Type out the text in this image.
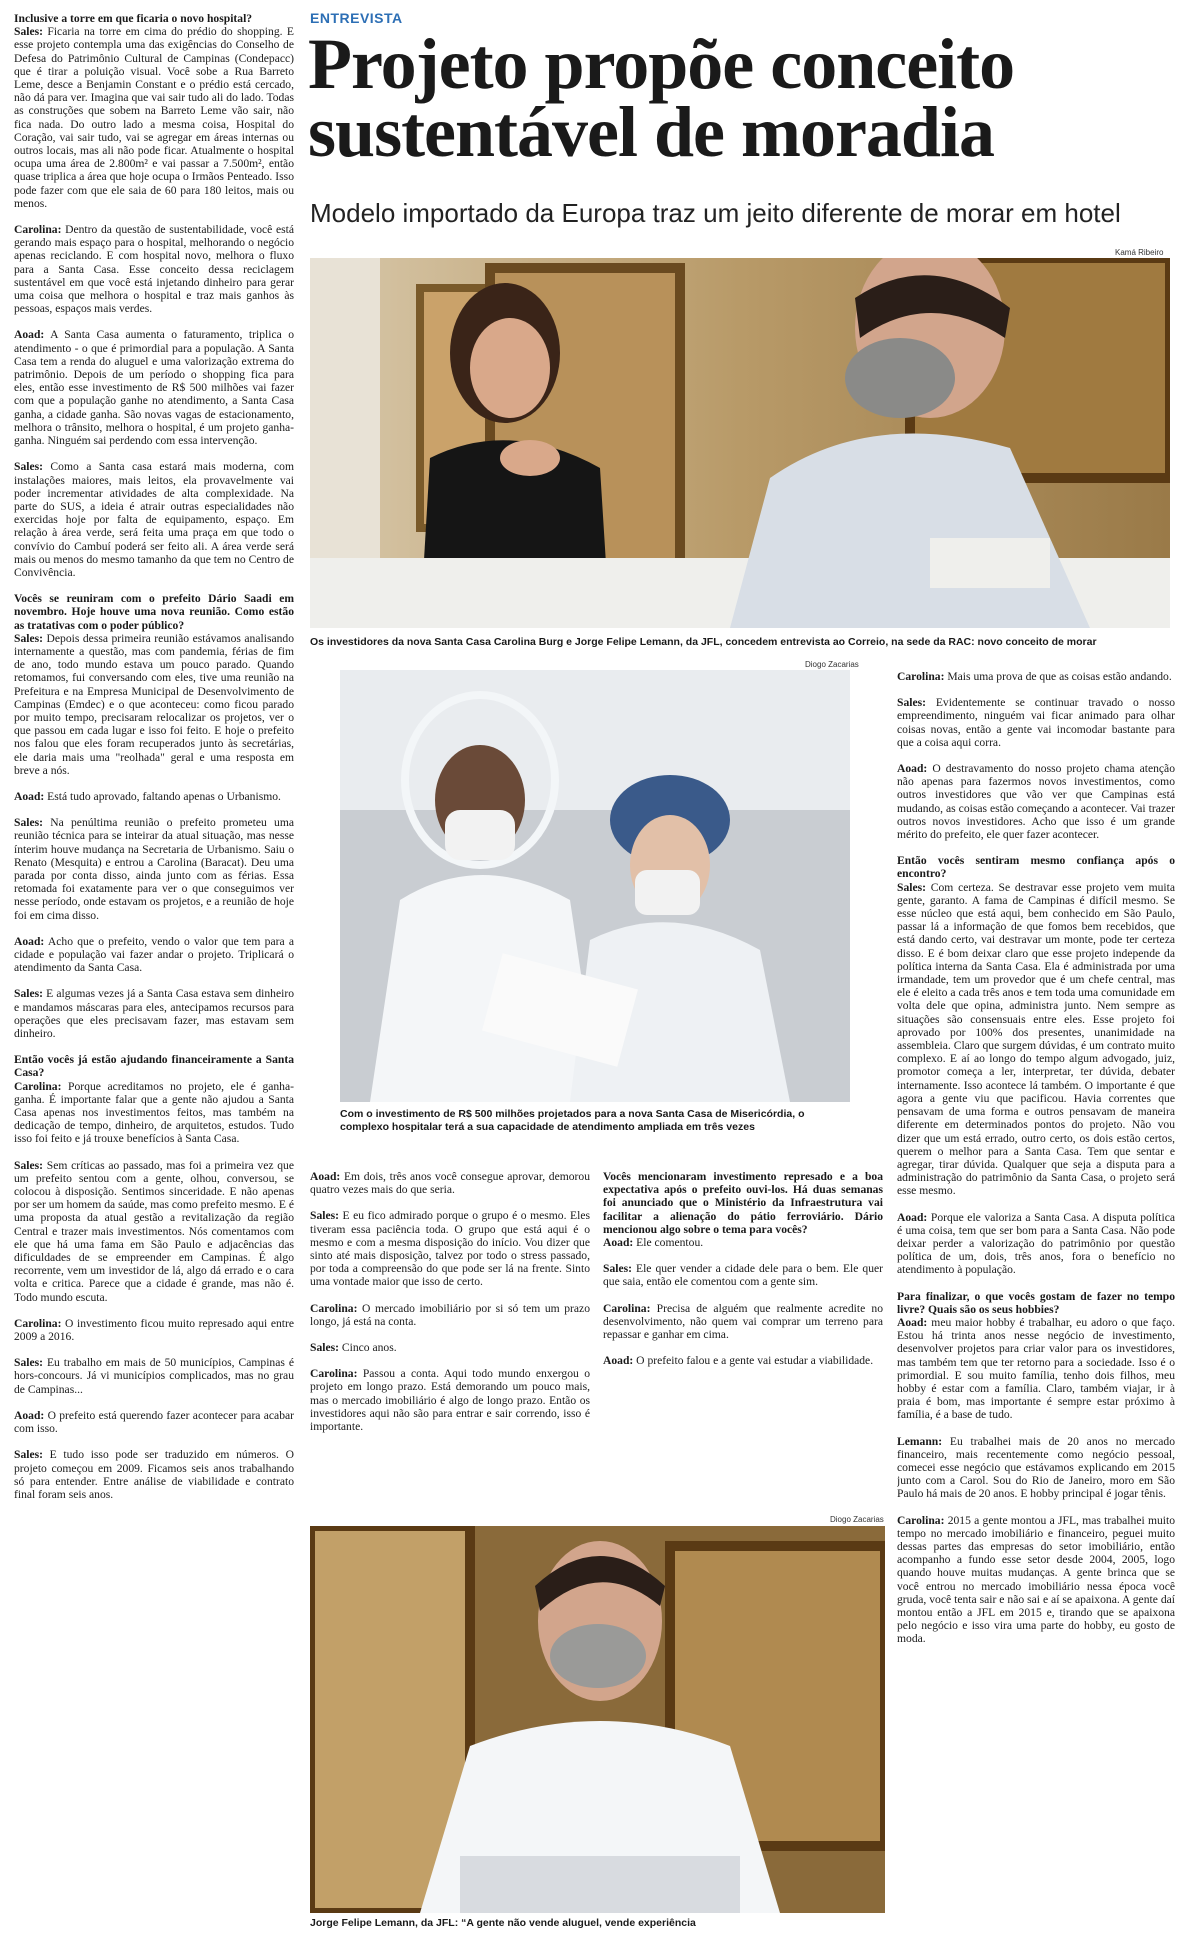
ENTREVISTA
Projeto propõe conceito sustentável de moradia
Modelo importado da Europa traz um jeito diferente de morar em hotel
Kamá Ribeiro
Os investidores da nova Santa Casa Carolina Burg e Jorge Felipe Lemann, da JFL, concedem entrevista ao Correio, na sede da RAC: novo conceito de morar
Diogo Zacarias
Com o investimento de R$ 500 milhões projetados para a nova Santa Casa de Misericórdia, o complexo hospitalar terá a sua capacidade de atendimento ampliada em três vezes
Diogo Zacarias
Jorge Felipe Lemann, da JFL: “A gente não vende aluguel, vende experiência

Inclusive a torre em que ficaria o novo hospital?

Sales: Ficaria na torre em cima do prédio do shopping. E esse projeto contempla uma das exigências do Conselho de Defesa do Patrimônio Cultural de Campinas (Condepacc) que é tirar a poluição visual. Você sobe a Rua Barreto Leme, desce a Benjamin Constant e o prédio está cercado, não dá para ver. Imagina que vai sair tudo ali do lado. Todas as construções que sobem na Barreto Leme vão sair, não fica nada. Do outro lado a mesma coisa, Hospital do Coração, vai sair tudo, vai se agregar em áreas internas ou outros locais, mas ali não pode ficar. Atualmente o hospital ocupa uma área de 2.800m² e vai passar a 7.500m², então quase triplica a área que hoje ocupa o Irmãos Penteado. Isso pode fazer com que ele saia de 60 para 180 leitos, mais ou menos.

Carolina: Dentro da questão de sustentabilidade, você está gerando mais espaço para o hospital, melhorando o negócio apenas reciclando. E com hospital novo, melhora o fluxo para a Santa Casa. Esse conceito dessa reciclagem sustentável em que você está injetando dinheiro para gerar uma coisa que melhora o hospital e traz mais ganhos às pessoas, espaços mais verdes.

Aoad: A Santa Casa aumenta o faturamento, triplica o atendimento - o que é primordial para a população. A Santa Casa tem a renda do aluguel e uma valorização extrema do patrimônio. Depois de um período o shopping fica para eles, então esse investimento de R$ 500 milhões vai fazer com que a população ganhe no atendimento, a Santa Casa ganha, a cidade ganha. São novas vagas de estacionamento, melhora o trânsito, melhora o hospital, é um projeto ganha-ganha. Ninguém sai perdendo com essa intervenção.

Sales: Como a Santa casa estará mais moderna, com instalações maiores, mais leitos, ela provavelmente vai poder incrementar atividades de alta complexidade. Na parte do SUS, a ideia é atrair outras especialidades não exercidas hoje por falta de equipamento, espaço. Em relação à área verde, será feita uma praça em que todo o convívio do Cambuí poderá ser feito ali. A área verde será mais ou menos do mesmo tamanho da que tem no Centro de Convivência.

Vocês se reuniram com o prefeito Dário Saadi em novembro. Hoje houve uma nova reunião. Como estão as tratativas com o poder público?

Sales: Depois dessa primeira reunião estávamos analisando internamente a questão, mas com pandemia, férias de fim de ano, todo mundo estava um pouco parado. Quando retomamos, fui conversando com eles, tive uma reunião na Prefeitura e na Empresa Municipal de Desenvolvimento de Campinas (Emdec) e o que aconteceu: como ficou parado por muito tempo, precisaram relocalizar os projetos, ver o que passou em cada lugar e isso foi feito. E hoje o prefeito nos falou que eles foram recuperados junto às secretárias, ele daria mais uma "reolhada" geral e uma resposta em breve a nós.

Aoad: Está tudo aprovado, faltando apenas o Urbanismo.

Sales: Na penúltima reunião o prefeito prometeu uma reunião técnica para se inteirar da atual situação, mas nesse ínterim houve mudança na Secretaria de Urbanismo. Saiu o Renato (Mesquita) e entrou a Carolina (Baracat). Deu uma parada por conta disso, ainda junto com as férias. Essa retomada foi exatamente para ver o que conseguimos ver nesse período, onde estavam os projetos, e a reunião de hoje foi em cima disso.

Aoad: Acho que o prefeito, vendo o valor que tem para a cidade e população vai fazer andar o projeto. Triplicará o atendimento da Santa Casa.

Sales: E algumas vezes já a Santa Casa estava sem dinheiro e mandamos máscaras para eles, antecipamos recursos para operações que eles precisavam fazer, mas estavam sem dinheiro.

Então vocês já estão ajudando financeiramente a Santa Casa?

Carolina: Porque acreditamos no projeto, ele é ganha-ganha. É importante falar que a gente não ajudou a Santa Casa apenas nos investimentos feitos, mas também na dedicação de tempo, dinheiro, de arquitetos, estudos. Tudo isso foi feito e já trouxe benefícios à Santa Casa.

Sales: Sem críticas ao passado, mas foi a primeira vez que um prefeito sentou com a gente, olhou, conversou, se colocou à disposição. Sentimos sinceridade. E não apenas por ser um homem da saúde, mas como prefeito mesmo. E é uma proposta da atual gestão a revitalização da região Central e trazer mais investimentos. Nós comentamos com ele que há uma fama em São Paulo e adjacências das dificuldades de se empreender em Campinas. É algo recorrente, vem um investidor de lá, algo dá errado e o cara volta e critica. Parece que a cidade é grande, mas não é. Todo mundo escuta.

Carolina: O investimento ficou muito represado aqui entre 2009 a 2016.

Sales: Eu trabalho em mais de 50 municípios, Campinas é hors-concours. Já vi municípios complicados, mas no grau de Campinas...

Aoad: O prefeito está querendo fazer acontecer para acabar com isso.

Sales: E tudo isso pode ser traduzido em números. O projeto começou em 2009. Ficamos seis anos trabalhando só para entender. Entre análise de viabilidade e contrato final foram seis anos.

Aoad: Em dois, três anos você consegue aprovar, demorou quatro vezes mais do que seria.

Sales: E eu fico admirado porque o grupo é o mesmo. Eles tiveram essa paciência toda. O grupo que está aqui é o mesmo e com a mesma disposição do início. Vou dizer que sinto até mais disposição, talvez por todo o stress passado, por toda a compreensão do que pode ser lá na frente. Sinto uma vontade maior que isso de certo.

Carolina: O mercado imobiliário por si só tem um prazo longo, já está na conta.

Sales: Cinco anos.

Carolina: Passou a conta. Aqui todo mundo enxergou o projeto em longo prazo. Está demorando um pouco mais, mas o mercado imobiliário é algo de longo prazo. Então os investidores aqui não são para entrar e sair correndo, isso é importante.

Vocês mencionaram investimento represado e a boa expectativa após o prefeito ouvi-los. Há duas semanas foi anunciado que o Ministério da Infraestrutura vai facilitar a alienação do pátio ferroviário. Dário mencionou algo sobre o tema para vocês?

Aoad: Ele comentou.

Sales: Ele quer vender a cidade dele para o bem. Ele quer que saia, então ele comentou com a gente sim.

Carolina: Precisa de alguém que realmente acredite no desenvolvimento, não quem vai comprar um terreno para repassar e ganhar em cima.

Aoad: O prefeito falou e a gente vai estudar a viabilidade.

Carolina: Mais uma prova de que as coisas estão andando.

Sales: Evidentemente se continuar travado o nosso empreendimento, ninguém vai ficar animado para olhar coisas novas, então a gente vai incomodar bastante para que a coisa aqui corra.

Aoad: O destravamento do nosso projeto chama atenção não apenas para fazermos novos investimentos, como outros investidores que vão ver que Campinas está mudando, as coisas estão começando a acontecer. Vai trazer outros novos investidores. Acho que isso é um grande mérito do prefeito, ele quer fazer acontecer.

Então vocês sentiram mesmo confiança após o encontro?

Sales: Com certeza. Se destravar esse projeto vem muita gente, garanto. A fama de Campinas é difícil mesmo. Se esse núcleo que está aqui, bem conhecido em São Paulo, passar lá a informação de que fomos bem recebidos, que está dando certo, vai destravar um monte, pode ter certeza disso. E é bom deixar claro que esse projeto independe da política interna da Santa Casa. Ela é administrada por uma irmandade, tem um provedor que é um chefe central, mas ele é eleito a cada três anos e tem toda uma comunidade em volta dele que opina, administra junto. Nem sempre as situações são consensuais entre eles. Esse projeto foi aprovado por 100% dos presentes, unanimidade na assembleia. Claro que surgem dúvidas, é um contrato muito complexo. E aí ao longo do tempo algum advogado, juiz, promotor começa a ler, interpretar, ter dúvida, debater internamente. Isso acontece lá também. O importante é que agora a gente viu que pacificou. Havia correntes que pensavam de uma forma e outros pensavam de maneira diferente em determinados pontos do projeto. Não vou dizer que um está errado, outro certo, os dois estão certos, querem o melhor para a Santa Casa. Tem que sentar e agregar, tirar dúvida. Qualquer que seja a disputa para a administração do patrimônio da Santa Casa, o projeto será esse mesmo.

Aoad: Porque ele valoriza a Santa Casa. A disputa política é uma coisa, tem que ser bom para a Santa Casa. Não pode deixar perder a valorização do patrimônio por questão política de um, dois, três anos, fora o benefício no atendimento à população.

Para finalizar, o que vocês gostam de fazer no tempo livre? Quais são os seus hobbies?

Aoad: meu maior hobby é trabalhar, eu adoro o que faço. Estou há trinta anos nesse negócio de investimento, desenvolver projetos para criar valor para os investidores, mas também tem que ter retorno para a sociedade. Isso é o primordial. E sou muito família, tenho dois filhos, meu hobby é estar com a família. Claro, também viajar, ir à praia é bom, mas importante é sempre estar próximo à família, é a base de tudo.

Lemann: Eu trabalhei mais de 20 anos no mercado financeiro, mais recentemente como negócio pessoal, comecei esse negócio que estávamos explicando em 2015 junto com a Carol. Sou do Rio de Janeiro, moro em São Paulo há mais de 20 anos. E hobby principal é jogar tênis.

Carolina: 2015 a gente montou a JFL, mas trabalhei muito tempo no mercado imobiliário e financeiro, peguei muito dessas partes das empresas do setor imobiliário, então acompanho a fundo esse setor desde 2004, 2005, logo quando houve muitas mudanças. A gente brinca que se você entrou no mercado imobiliário nessa época você gruda, você tenta sair e não sai e aí se apaixona. A gente daí montou então a JFL em 2015 e, tirando que se apaixona pelo negócio e isso vira uma parte do hobby, eu gosto de moda.
